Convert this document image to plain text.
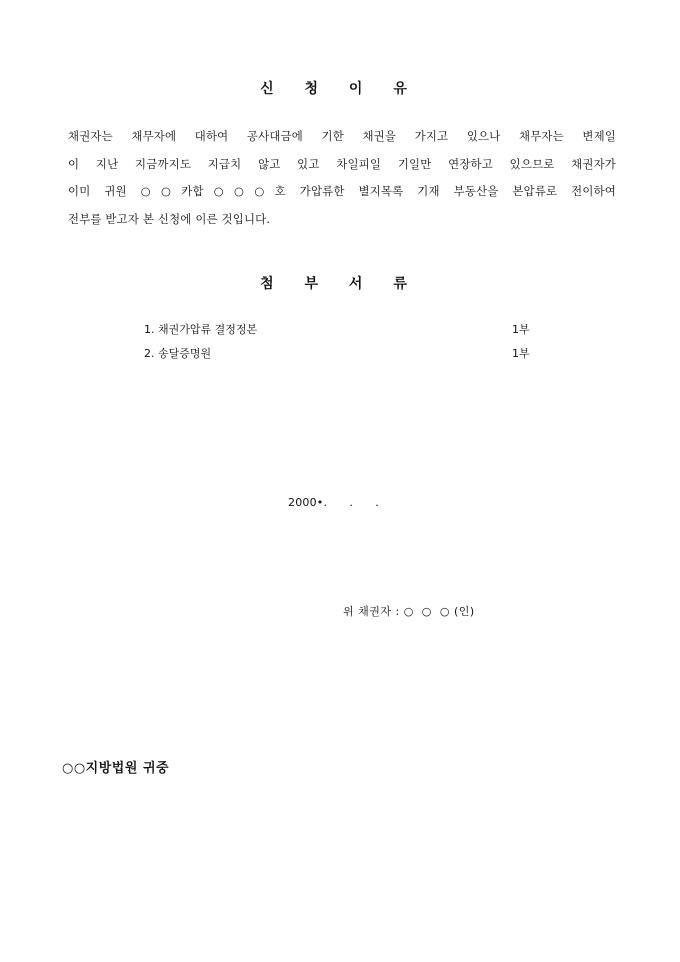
신 청 이 유
채권자는 채무자에 대하여 공사대금에 기한 채권을 가지고 있으나 채무자는 변제일
이 지난 지금까지도 지급치 않고 있고 차일피일 기일만 연장하고 있으므로 채권자가
이미 귀원 ○○카합○○○호 가압류한 별지목록 기재 부동산을 본압류로 전이하여
전부를 받고자 본 신청에 이른 것입니다.
첨 부 서 류
1. 채권가압류 결정정본	1부
2. 송달증명원	1부
2000•.      .      .
위 채권자 : ○  ○  ○ (인)
○○지방법원 귀중
